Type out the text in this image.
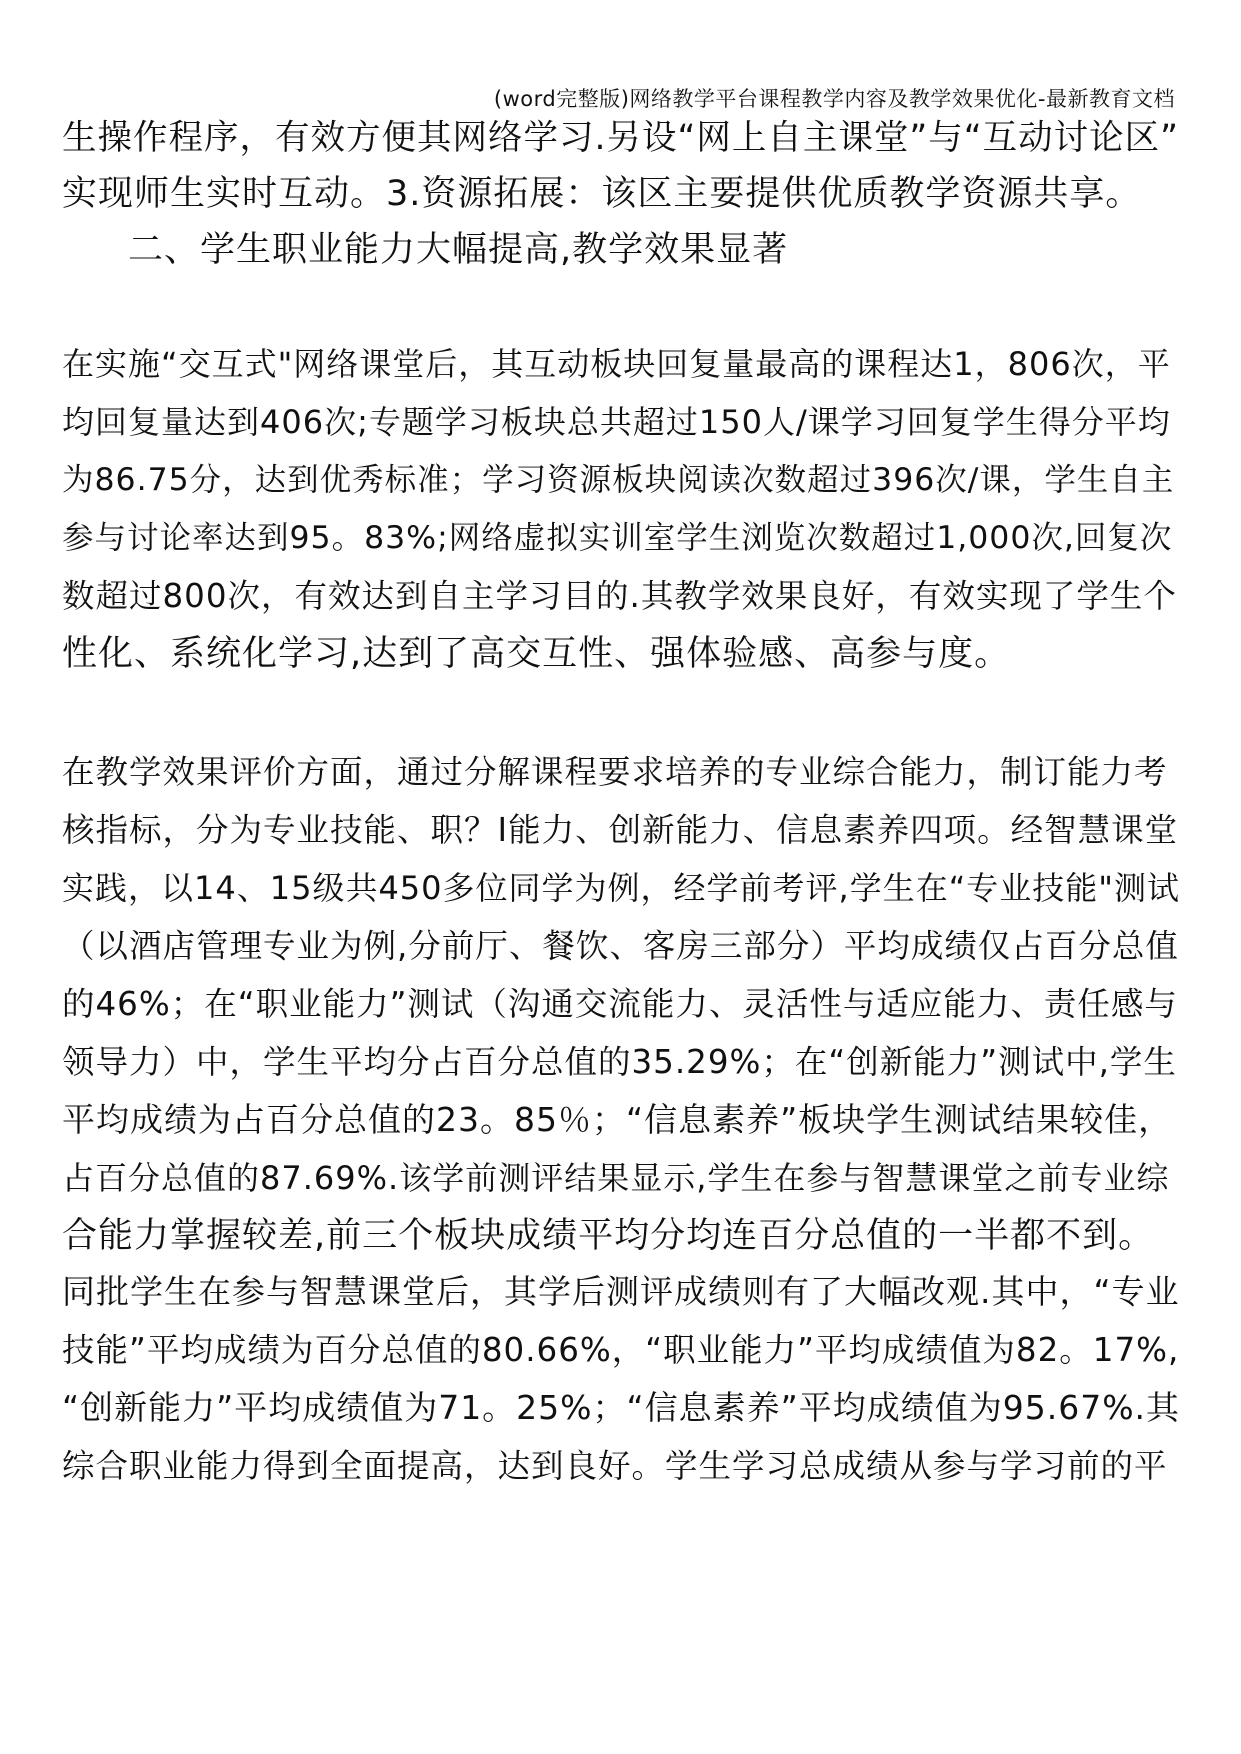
(word完整版)网络教学平台课程教学内容及教学效果优化-最新教育文档
生操作程序，有效方便其网络学习.另设“网上自主课堂”与“互动讨论区”
实现师生实时互动。3.资源拓展：该区主要提供优质教学资源共享。
二、学生职业能力大幅提高,教学效果显著
在实施“交互式"网络课堂后，其互动板块回复量最高的课程达1，806次，平
均回复量达到406次;专题学习板块总共超过150人/课学习回复学生得分平均
为86.75分，达到优秀标准；学习资源板块阅读次数超过396次/课，学生自主
参与讨论率达到95。83%;网络虚拟实训室学生浏览次数超过1,000次,回复次
数超过800次，有效达到自主学习目的.其教学效果良好，有效实现了学生个
性化、系统化学习,达到了高交互性、强体验感、高参与度。
在教学效果评价方面，通过分解课程要求培养的专业综合能力，制订能力考
核指标，分为专业技能、职？I能力、创新能力、信息素养四项。经智慧课堂
实践，以14、15级共450多位同学为例，经学前考评,学生在“专业技能"测试
（以酒店管理专业为例,分前厅、餐饮、客房三部分）平均成绩仅占百分总值
的46%；在“职业能力”测试（沟通交流能力、灵活性与适应能力、责任感与
领导力）中，学生平均分占百分总值的35.29%；在“创新能力”测试中,学生
平均成绩为占百分总值的23。85％；“信息素养”板块学生测试结果较佳，
占百分总值的87.69%.该学前测评结果显示,学生在参与智慧课堂之前专业综
合能力掌握较差,前三个板块成绩平均分均连百分总值的一半都不到。
同批学生在参与智慧课堂后，其学后测评成绩则有了大幅改观.其中，“专业
技能”平均成绩为百分总值的80.66%，“职业能力”平均成绩值为82。17%,
“创新能力”平均成绩值为71。25%；“信息素养”平均成绩值为95.67%.其
综合职业能力得到全面提高，达到良好。学生学习总成绩从参与学习前的平
